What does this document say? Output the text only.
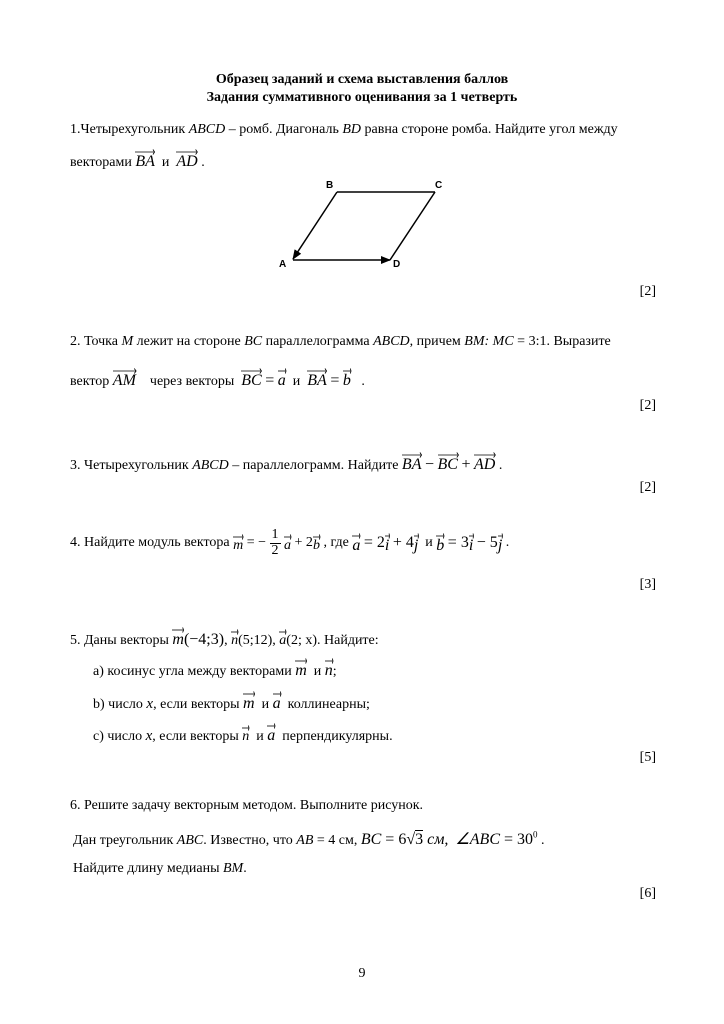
Образец заданий и схема выставления баллов
Задания суммативного оценивания за 1 четверть
1.Четырехугольник ABCD – ромб. Диагональ BD равна стороне ромба. Найдите угол между
векторами
BA и AD .
B	C
A	D
[2]
2. Точка M лежит на стороне BC параллелограмма ABCD, причем BM: MC = 3:1. Выразите
вектор
AM через векторы BC = a и BA = b .
[2]
3. Четырехугольник ABCD – параллелограмм. Найдите
BA − BC + AD .
[2]
4. Найдите модуль вектора m = − $\frac{1}{2}$
a + 2
b , где a = 2
i + 4
j и b = 3
i − 5
j .
[3]
5. Даны векторы m(−4;3),
n(5;12),
a(2; x). Найдите:
а) косинус угла между векторами m и n;
b) число x, если векторы m и a коллинеарны;
c) число x, если векторы n и a перпендикулярны.
[5]
6. Решите задачу векторным методом. Выполните рисунок.
Дан треугольник ABC. Известно, что AB = 4 см, BC = 6√3 см, ∠ABC = $30^0$ .
Найдите длину медианы BM.
[6]
9
